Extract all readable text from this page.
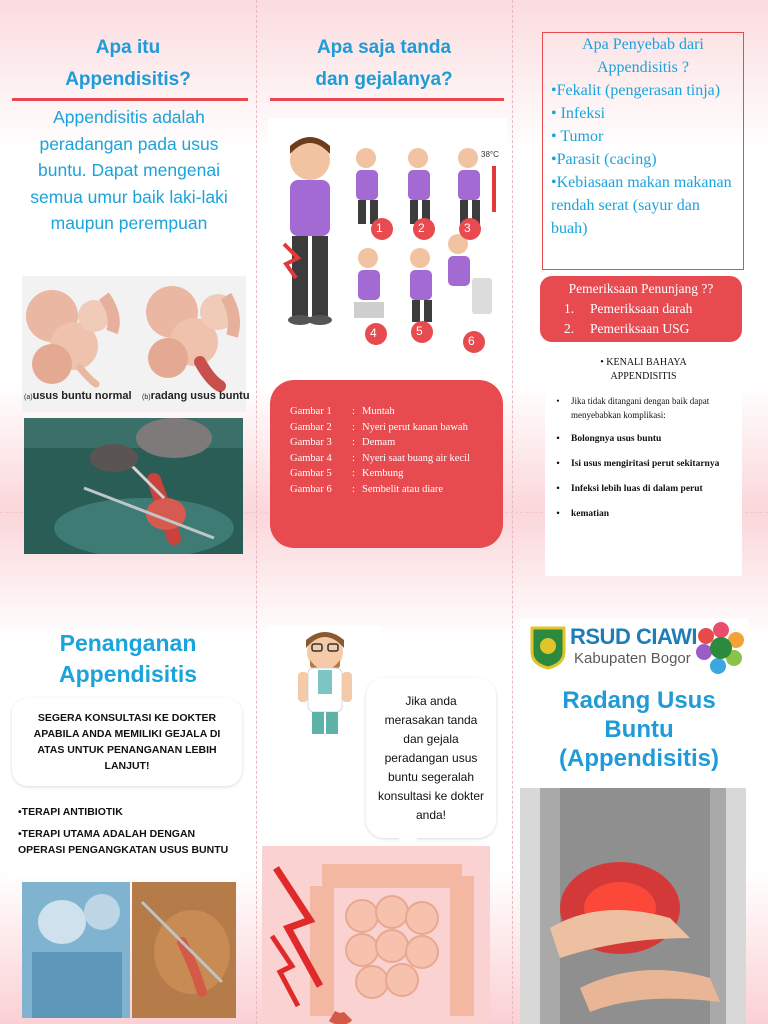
Apa itu
Appendisitis?
Appendisitis adalah peradangan pada usus buntu. Dapat mengenai semua umur baik laki-laki maupun perempuan
(a)usus buntu normal (b)radang usus buntu
Apa saja tanda
dan gejalanya?
38°C
1	2	3
4	5
6
Gambar 1	: Muntah
Gambar 2	: Nyeri perut kanan bawah
Gambar 3	: Demam
Gambar 4	: Nyeri saat buang air kecil
Gambar 5	: Kembung
Gambar 6	: Sembelit atau diare
Apa Penyebab dari
Appendisitis ?
•Fekalit (pengerasan tinja)
• Infeksi
• Tumor
•Parasit (cacing)
•Kebiasaan makan makanan rendah serat (sayur dan buah)
Pemeriksaan Penunjang ??
1.	Pemeriksaan darah
2.	Pemeriksaan USG
• KENALI BAHAYA
APPENDISITIS
•	Jika tidak ditangani dengan baik dapat menyebabkan komplikasi:
•	Bolongnya usus buntu
•	Isi usus mengiritasi perut sekitarnya
•	Infeksi lebih luas di dalam perut
•	kematian
Penanganan
Appendisitis
SEGERA KONSULTASI KE DOKTER APABILA ANDA MEMILIKI GEJALA DI ATAS UNTUK PENANGANAN LEBIH LANJUT!
•TERAPI ANTIBIOTIK
•TERAPI UTAMA ADALAH DENGAN OPERASI PENGANGKATAN USUS BUNTU
Jika anda merasakan tanda dan gejala peradangan usus buntu segeralah konsultasi ke dokter anda!
RSUD CIAWI
Kabupaten Bogor
Radang Usus
Buntu
(Appendisitis)
